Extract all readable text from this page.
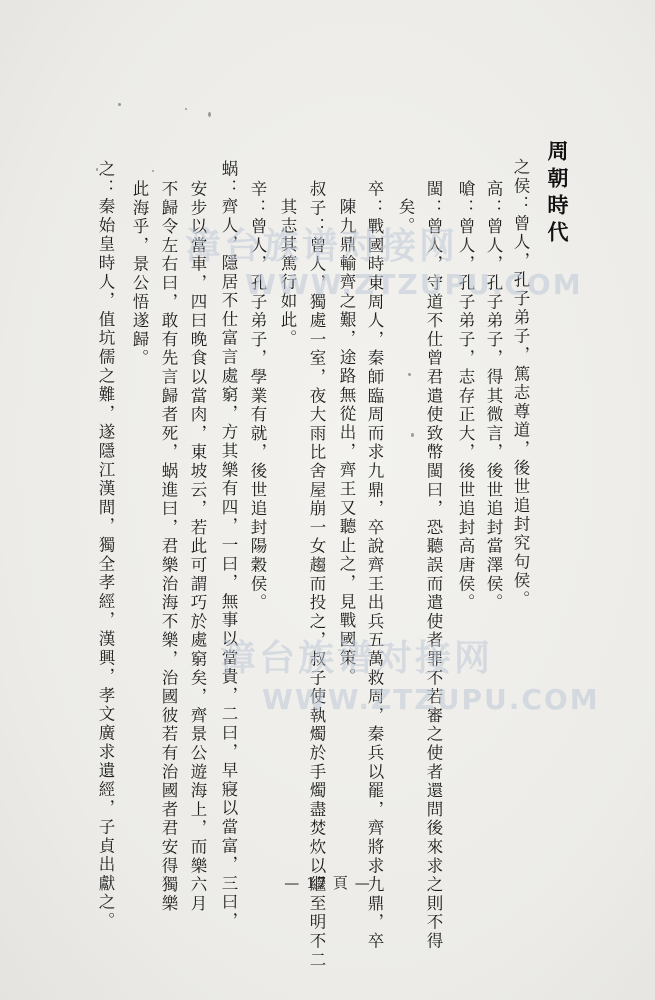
周朝時代
之侯：曾人，孔子弟子，篤志尊道，後世追封究句侯。
高：曾人，孔子弟子，得其微言，後世追封當澤侯。
嗆：曾人，孔子弟子，志存正大，後世追封高唐侯。
閩：曾人，守道不仕曾君遣使致幣閩曰，恐聽誤而遣使者罪不若審之使者還問後來求之則不得
矣。
卒：戰國時東周人，秦師臨周而求九鼎，卒說齊王出兵五萬救周，秦兵以罷，齊將求九鼎，卒
陳九鼎輸齊之艱，途路無從出，齊王又聽止之，見戰國策。
叔子：曾人，獨處一室，夜大雨比舍屋崩一女趨而投之，叔子使執燭於手燭盡焚炊以繼至明不二
其志其篤行如此。
辛：曾人，孔子弟子，學業有就，後世追封陽穀侯。
蜗：齊人，隱居不仕富言處窮，方其樂有四，一曰，無事以當貴，二曰，早寢以當富，三曰，
安步以當車，四曰晚食以當肉，東坡云，若此可謂巧於處窮矣，齊景公遊海上，而樂六月
不歸令左右曰，敢有先言歸者死，蜗進曰，君樂治海不樂，治國彼若有治國者君安得獨樂
此海乎，景公悟遂歸。
之：秦始皇時人，值坑儒之難，遂隱江漢間，獨全孝經，漢興，孝文廣求遺經，子貞出獻之。 漳台族谱对接网
WWW.ZTZUPU.COM
漳台族谱对接网
WWW.ZTZUPU.COM
— 17 頁 —
